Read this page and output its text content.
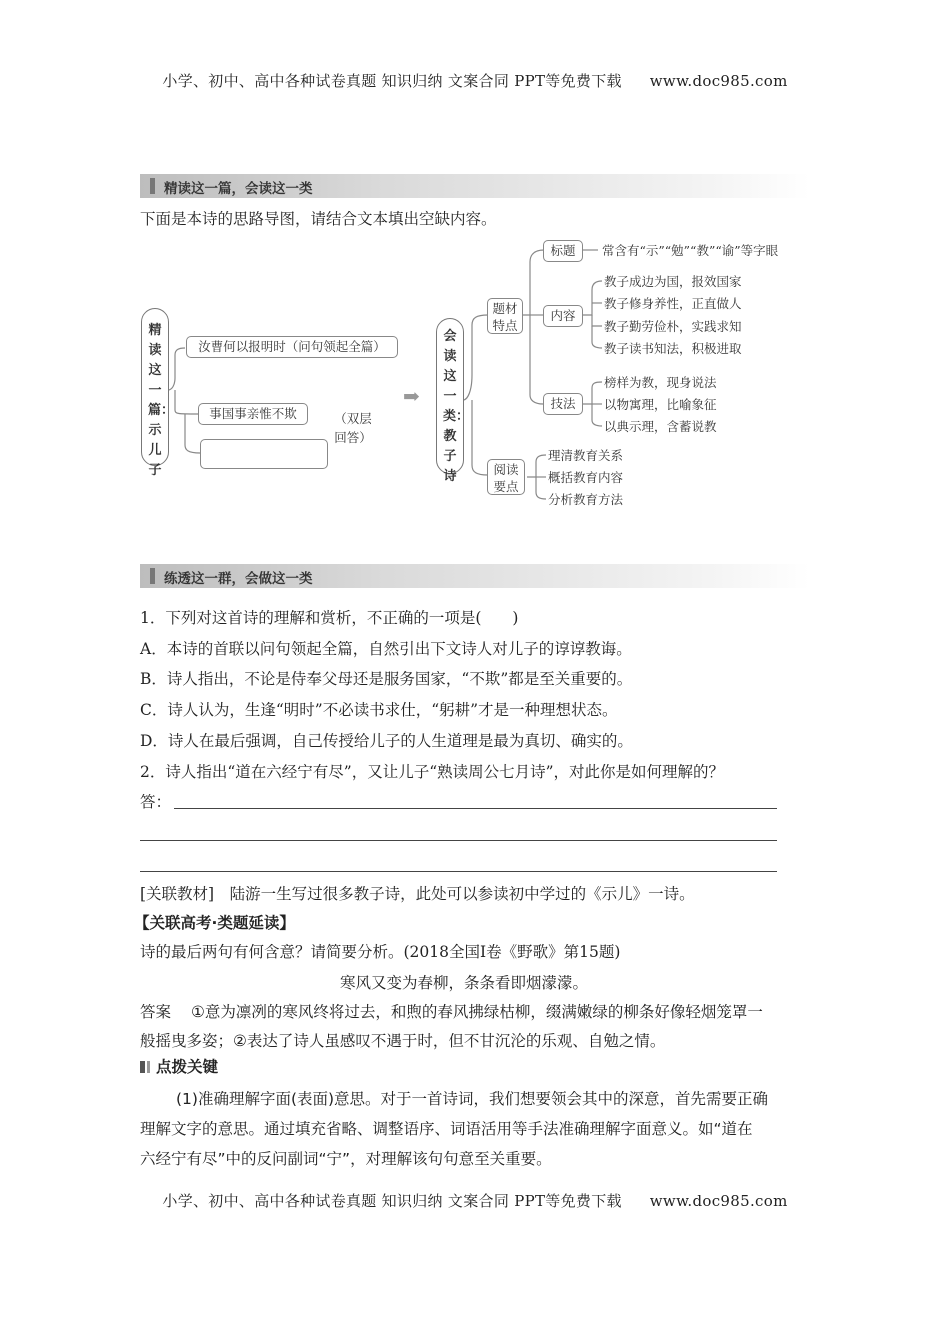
小学、初中、高中各种试卷真题 知识归纳 文案合同 PPT等免费下载 www.doc985.com
精读这一篇，会读这一类
下面是本诗的思路导图，请结合文本填出空缺内容。
精读这一篇：示儿子
汝曹何以报明时（问句领起全篇）
事国事亲惟不欺	（双层回答）
➡
会读这一类：教子诗
题材特点
标题	常含有“示”“勉”“教”“谕”等字眼
内容
教子成边为国，报效国家
教子修身养性，正直做人
教子勤劳俭朴，实践求知
教子读书知法，积极进取
技法
榜样为教，现身说法
以物寓理，比喻象征
以典示理，含蓄说教
阅读要点
理清教育关系
概括教育内容
分析教育方法
练透这一群，会做这一类
1．下列对这首诗的理解和赏析，不正确的一项是(　　)
A．本诗的首联以问句领起全篇，自然引出下文诗人对儿子的谆谆教诲。
B．诗人指出，不论是侍奉父母还是服务国家，“不欺”都是至关重要的。
C．诗人认为，生逢“明时”不必读书求仕，“躬耕”才是一种理想状态。
D．诗人在最后强调，自己传授给儿子的人生道理是最为真切、确实的。
2．诗人指出“道在六经宁有尽”，又让儿子“熟读周公七月诗”，对此你是如何理解的？
答：
[关联教材]　陆游一生写过很多教子诗，此处可以参读初中学过的《示儿》一诗。
【关联高考·类题延读】
诗的最后两句有何含意？请简要分析。(2018全国Ⅰ卷《野歌》第15题)
寒风又变为春柳，条条看即烟濛濛。
答案 ①意为凛冽的寒风终将过去，和煦的春风拂绿枯柳，缀满嫩绿的柳条好像轻烟笼罩一
般摇曳多姿；②表达了诗人虽感叹不遇于时，但不甘沉沦的乐观、自勉之情。
点拨关键
(1)准确理解字面(表面)意思。对于一首诗词，我们想要领会其中的深意，首先需要正确
理解文字的意思。通过填充省略、调整语序、词语活用等手法准确理解字面意义。如“道在
六经宁有尽”中的反问副词“宁”，对理解该句句意至关重要。
小学、初中、高中各种试卷真题 知识归纳 文案合同 PPT等免费下载 www.doc985.com
